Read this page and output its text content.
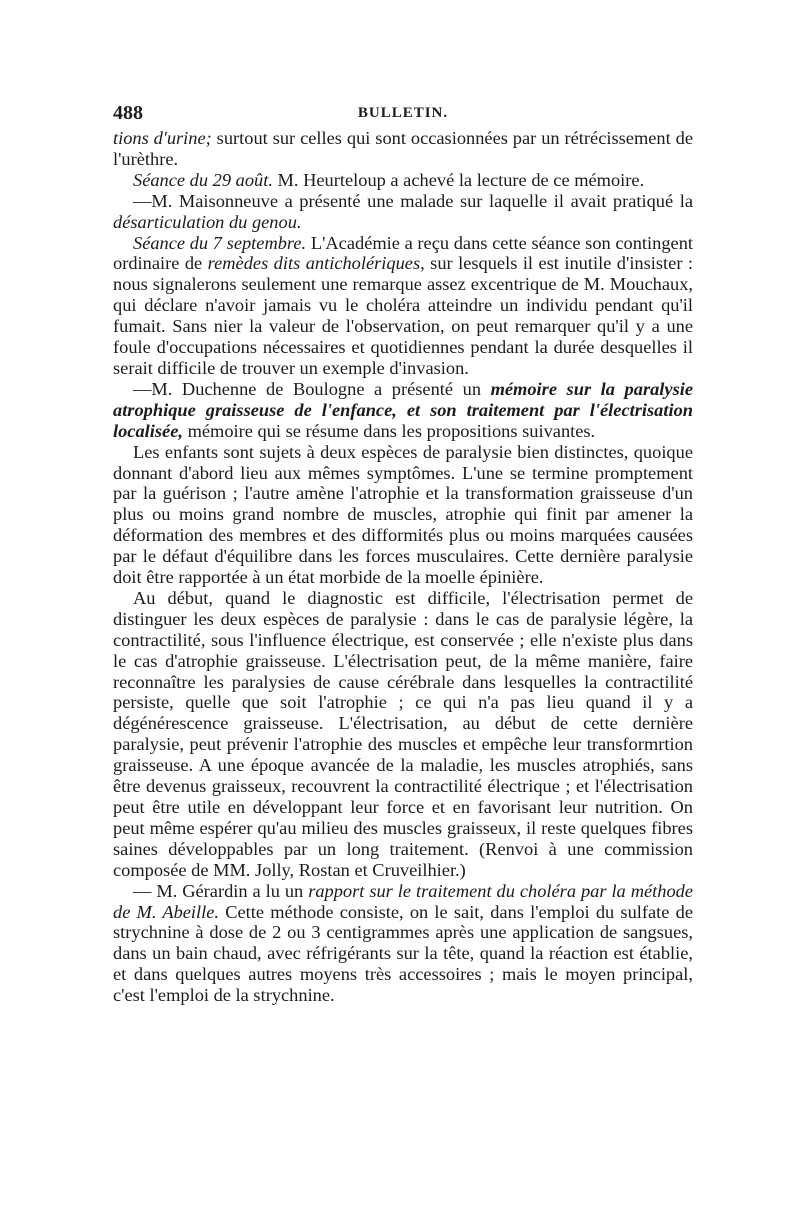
488	BULLETIN.

tions d'urine; surtout sur celles qui sont occasionnées par un rétrécissement de l'urèthre.

Séance du 29 août. M. Heurteloup a achevé la lecture de ce mémoire.

—M. Maisonneuve a présenté une malade sur laquelle il avait pratiqué la désarticulation du genou.

Séance du 7 septembre. L'Académie a reçu dans cette séance son contingent ordinaire de remèdes dits anticholériques, sur lesquels il est inutile d'insister : nous signalerons seulement une remarque assez excentrique de M. Mouchaux, qui déclare n'avoir jamais vu le choléra atteindre un individu pendant qu'il fumait. Sans nier la valeur de l'observation, on peut remarquer qu'il y a une foule d'occupations nécessaires et quotidiennes pendant la durée desquelles il serait difficile de trouver un exemple d'invasion.

—M. Duchenne de Boulogne a présenté un mémoire sur la paralysie atrophique graisseuse de l'enfance, et son traitement par l'électrisation localisée, mémoire qui se résume dans les propositions suivantes.

Les enfants sont sujets à deux espèces de paralysie bien distinctes, quoique donnant d'abord lieu aux mêmes symptômes. L'une se termine promptement par la guérison ; l'autre amène l'atrophie et la transformation graisseuse d'un plus ou moins grand nombre de muscles, atrophie qui finit par amener la déformation des membres et des difformités plus ou moins marquées causées par le défaut d'équilibre dans les forces musculaires. Cette dernière paralysie doit être rapportée à un état morbide de la moelle épinière.

Au début, quand le diagnostic est difficile, l'électrisation permet de distinguer les deux espèces de paralysie : dans le cas de paralysie légère, la contractilité, sous l'influence électrique, est conservée ; elle n'existe plus dans le cas d'atrophie graisseuse. L'électrisation peut, de la même manière, faire reconnaître les paralysies de cause cérébrale dans lesquelles la contractilité persiste, quelle que soit l'atrophie ; ce qui n'a pas lieu quand il y a dégénérescence graisseuse. L'électrisation, au début de cette dernière paralysie, peut prévenir l'atrophie des muscles et empêche leur transformrtion graisseuse. A une époque avancée de la maladie, les muscles atrophiés, sans être devenus graisseux, recouvrent la contractilité électrique ; et l'électrisation peut être utile en développant leur force et en favorisant leur nutrition. On peut même espérer qu'au milieu des muscles graisseux, il reste quelques fibres saines développables par un long traitement. (Renvoi à une commission composée de MM. Jolly, Rostan et Cruveilhier.)

— M. Gérardin a lu un rapport sur le traitement du choléra par la méthode de M. Abeille. Cette méthode consiste, on le sait, dans l'emploi du sulfate de strychnine à dose de 2 ou 3 centigrammes après une application de sangsues, dans un bain chaud, avec réfrigérants sur la tête, quand la réaction est établie, et dans quelques autres moyens très accessoires ; mais le moyen principal, c'est l'emploi de la strychnine.
